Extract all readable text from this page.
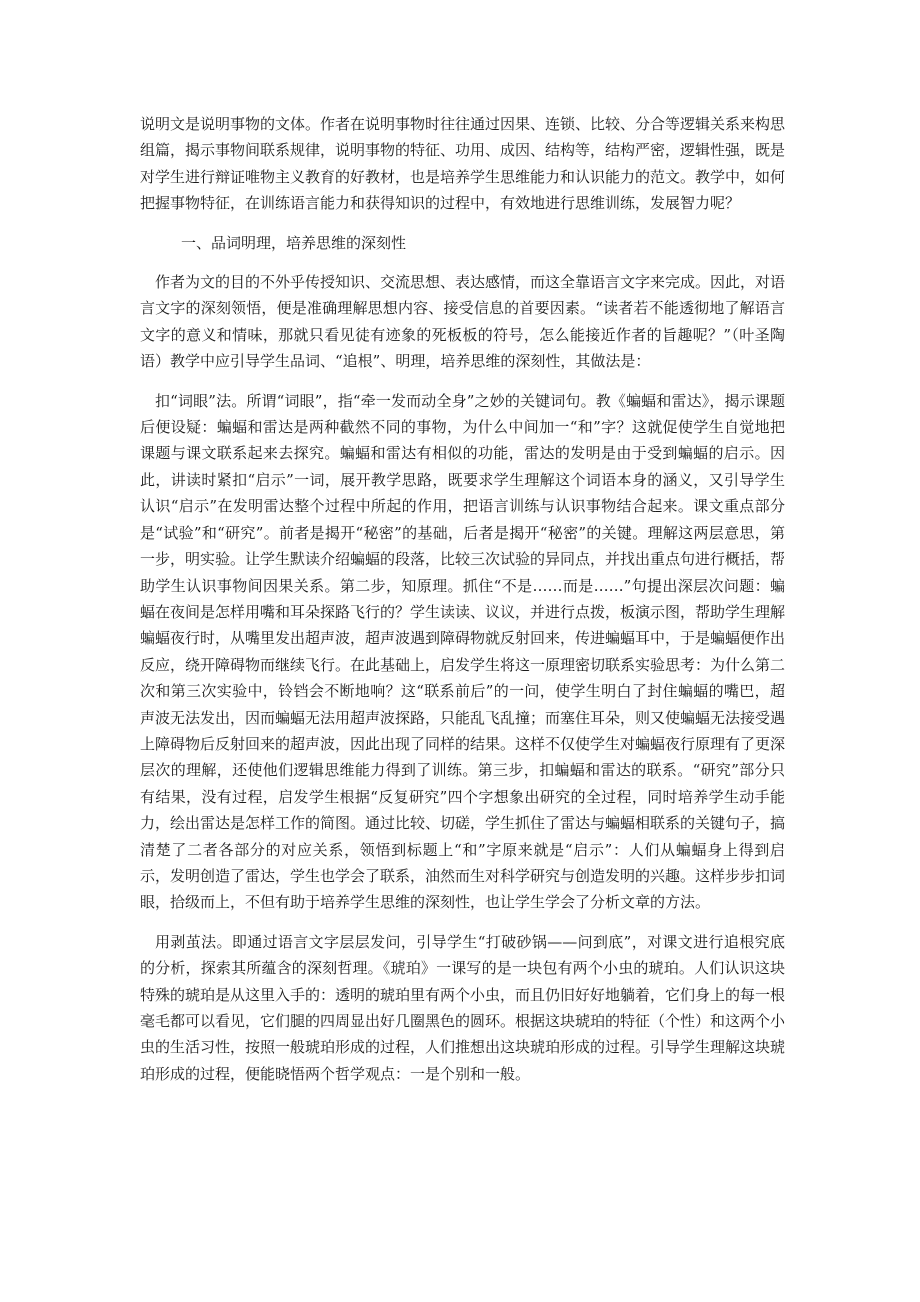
说明文是说明事物的文体。作者在说明事物时往往通过因果、连锁、比较、分合等逻辑关系来构思组篇，揭示事物间联系规律，说明事物的特征、功用、成因、结构等，结构严密，逻辑性强，既是对学生进行辩证唯物主义教育的好教材，也是培养学生思维能力和认识能力的范文。教学中，如何把握事物特征，在训练语言能力和获得知识的过程中，有效地进行思维训练，发展智力呢？

一、品词明理，培养思维的深刻性

作者为文的目的不外乎传授知识、交流思想、表达感情，而这全靠语言文字来完成。因此，对语言文字的深刻领悟，便是准确理解思想内容、接受信息的首要因素。“读者若不能透彻地了解语言文字的意义和情味，那就只看见徒有迹象的死板板的符号，怎么能接近作者的旨趣呢？”（叶圣陶语）教学中应引导学生品词、“追根”、明理，培养思维的深刻性，其做法是：

扣“词眼”法。所谓“词眼”，指“牵一发而动全身”之妙的关键词句。教《蝙蝠和雷达》，揭示课题后便设疑：蝙蝠和雷达是两种截然不同的事物，为什么中间加一“和”字？这就促使学生自觉地把课题与课文联系起来去探究。蝙蝠和雷达有相似的功能，雷达的发明是由于受到蝙蝠的启示。因此，讲读时紧扣“启示”一词，展开教学思路，既要求学生理解这个词语本身的涵义，又引导学生认识“启示”在发明雷达整个过程中所起的作用，把语言训练与认识事物结合起来。课文重点部分是“试验”和“研究”。前者是揭开“秘密”的基础，后者是揭开“秘密”的关键。理解这两层意思，第一步，明实验。让学生默读介绍蝙蝠的段落，比较三次试验的异同点，并找出重点句进行概括，帮助学生认识事物间因果关系。第二步，知原理。抓住“不是……而是……”句提出深层次问题：蝙蝠在夜间是怎样用嘴和耳朵探路飞行的？学生读读、议议，并进行点拨，板演示图，帮助学生理解蝙蝠夜行时，从嘴里发出超声波，超声波遇到障碍物就反射回来，传进蝙蝠耳中，于是蝙蝠便作出反应，绕开障碍物而继续飞行。在此基础上，启发学生将这一原理密切联系实验思考：为什么第二次和第三次实验中，铃铛会不断地响？这“联系前后”的一问，使学生明白了封住蝙蝠的嘴巴，超声波无法发出，因而蝙蝠无法用超声波探路，只能乱飞乱撞；而塞住耳朵，则又使蝙蝠无法接受遇上障碍物后反射回来的超声波，因此出现了同样的结果。这样不仅使学生对蝙蝠夜行原理有了更深层次的理解，还使他们逻辑思维能力得到了训练。第三步，扣蝙蝠和雷达的联系。“研究”部分只有结果，没有过程，启发学生根据“反复研究”四个字想象出研究的全过程，同时培养学生动手能力，绘出雷达是怎样工作的简图。通过比较、切磋，学生抓住了雷达与蝙蝠相联系的关键句子，搞清楚了二者各部分的对应关系，领悟到标题上“和”字原来就是“启示”：人们从蝙蝠身上得到启示，发明创造了雷达，学生也学会了联系，油然而生对科学研究与创造发明的兴趣。这样步步扣词眼，拾级而上，不但有助于培养学生思维的深刻性，也让学生学会了分析文章的方法。

用剥茧法。即通过语言文字层层发问，引导学生“打破砂锅——问到底”，对课文进行追根究底的分析，探索其所蕴含的深刻哲理。《琥珀》一课写的是一块包有两个小虫的琥珀。人们认识这块特殊的琥珀是从这里入手的：透明的琥珀里有两个小虫，而且仍旧好好地躺着，它们身上的每一根毫毛都可以看见，它们腿的四周显出好几圈黑色的圆环。根据这块琥珀的特征（个性）和这两个小虫的生活习性，按照一般琥珀形成的过程，人们推想出这块琥珀形成的过程。引导学生理解这块琥珀形成的过程，便能晓悟两个哲学观点：一是个别和一般。
